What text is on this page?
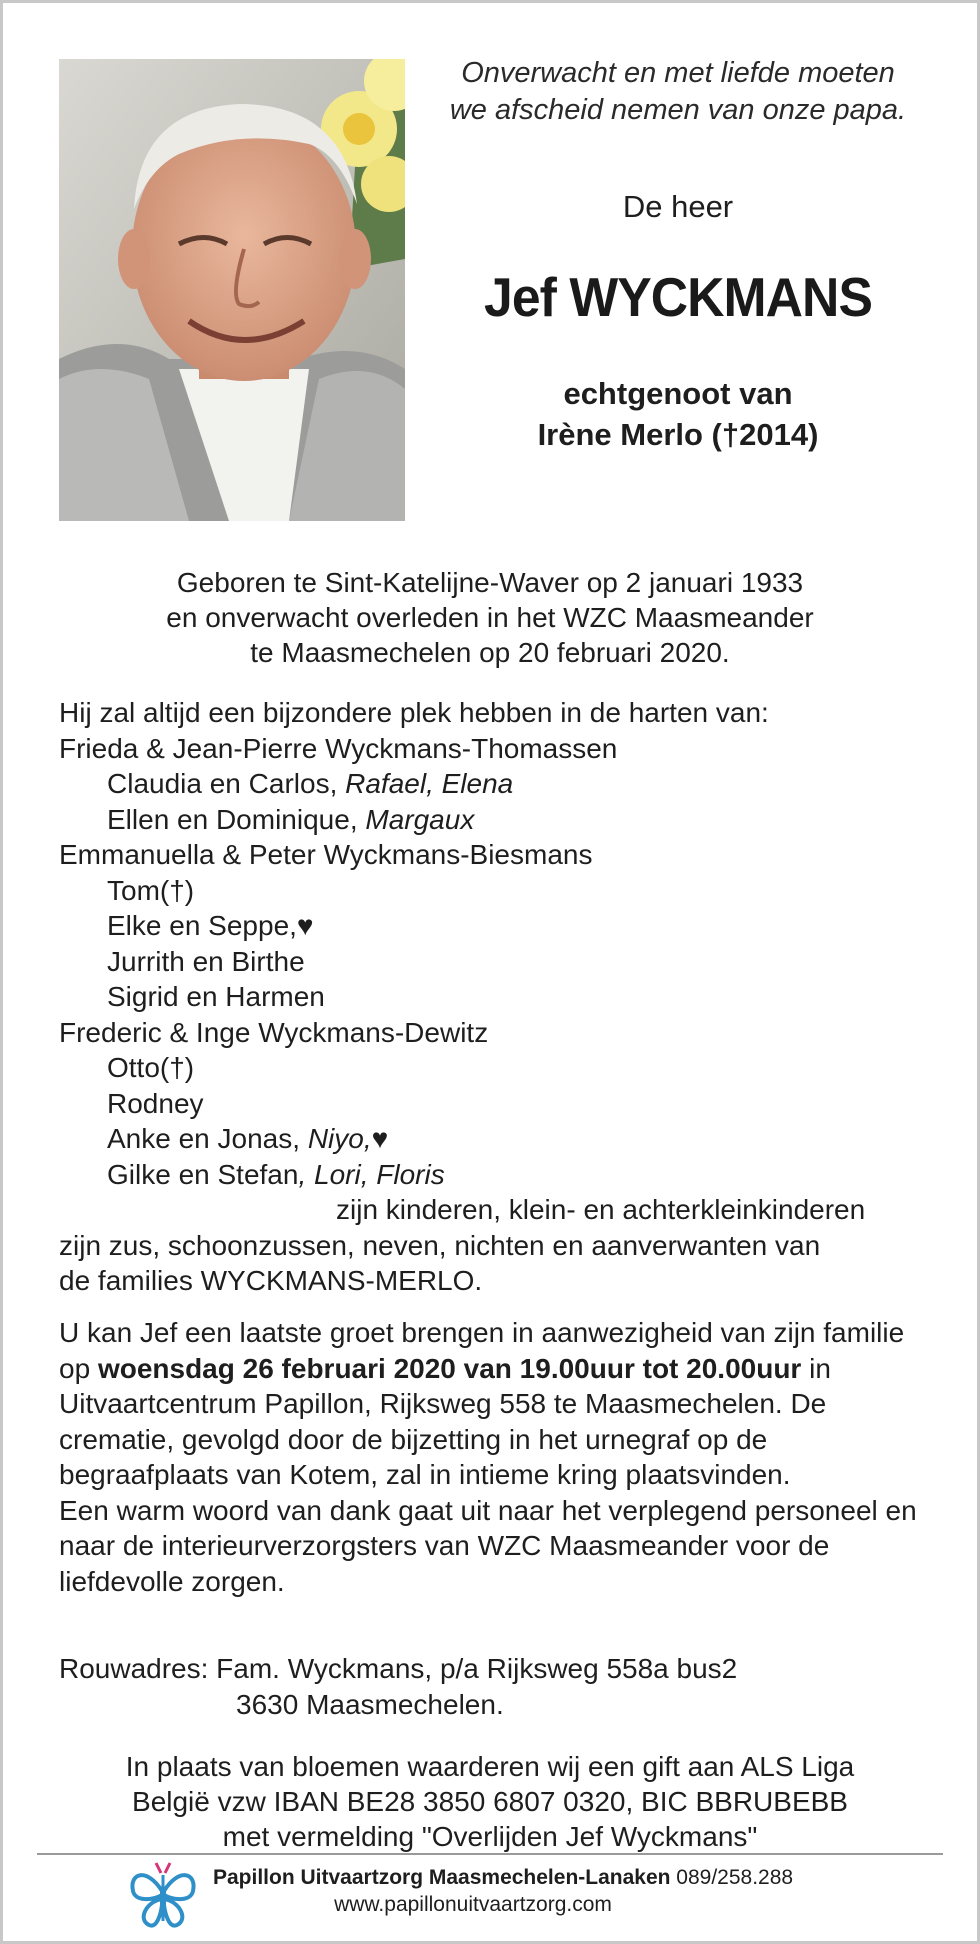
Onverwacht en met liefde moeten
we afscheid nemen van onze papa.
De heer
Jef WYCKMANS
echtgenoot van
Irène Merlo (†2014)
Geboren te Sint-Katelijne-Waver op 2 januari 1933
en onverwacht overleden in het WZC Maasmeander
te Maasmechelen op 20 februari 2020.
Hij zal altijd een bijzondere plek hebben in de harten van:
Frieda & Jean-Pierre Wyckmans-Thomassen
Claudia en Carlos, Rafael, Elena
Ellen en Dominique, Margaux
Emmanuella & Peter Wyckmans-Biesmans
Tom(†)
Elke en Seppe,♥
Jurrith en Birthe
Sigrid en Harmen
Frederic & Inge Wyckmans-Dewitz
Otto(†)
Rodney
Anke en Jonas, Niyo,♥
Gilke en Stefan, Lori, Floris
zijn kinderen, klein- en achterkleinkinderen
zijn zus, schoonzussen, neven, nichten en aanverwanten van
de families WYCKMANS-MERLO.
U kan Jef een laatste groet brengen in aanwezigheid van zijn familie op woensdag 26 februari 2020 van 19.00uur tot 20.00uur in Uitvaartcentrum Papillon, Rijksweg 558 te Maasmechelen. De crematie, gevolgd door de bijzetting in het urnegraf op de begraafplaats van Kotem, zal in intieme kring plaatsvinden.
Een warm woord van dank gaat uit naar het verplegend personeel en naar de interieurverzorgsters van WZC Maasmeander voor de liefdevolle zorgen.
Rouwadres: Fam. Wyckmans, p/a Rijksweg 558a bus2
3630 Maasmechelen.
In plaats van bloemen waarderen wij een gift aan ALS Liga
België vzw IBAN BE28 3850 6807 0320, BIC BBRUBEBB
met vermelding "Overlijden Jef Wyckmans"
Papillon Uitvaartzorg Maasmechelen-Lanaken 089/258.288
www.papillonuitvaartzorg.com
